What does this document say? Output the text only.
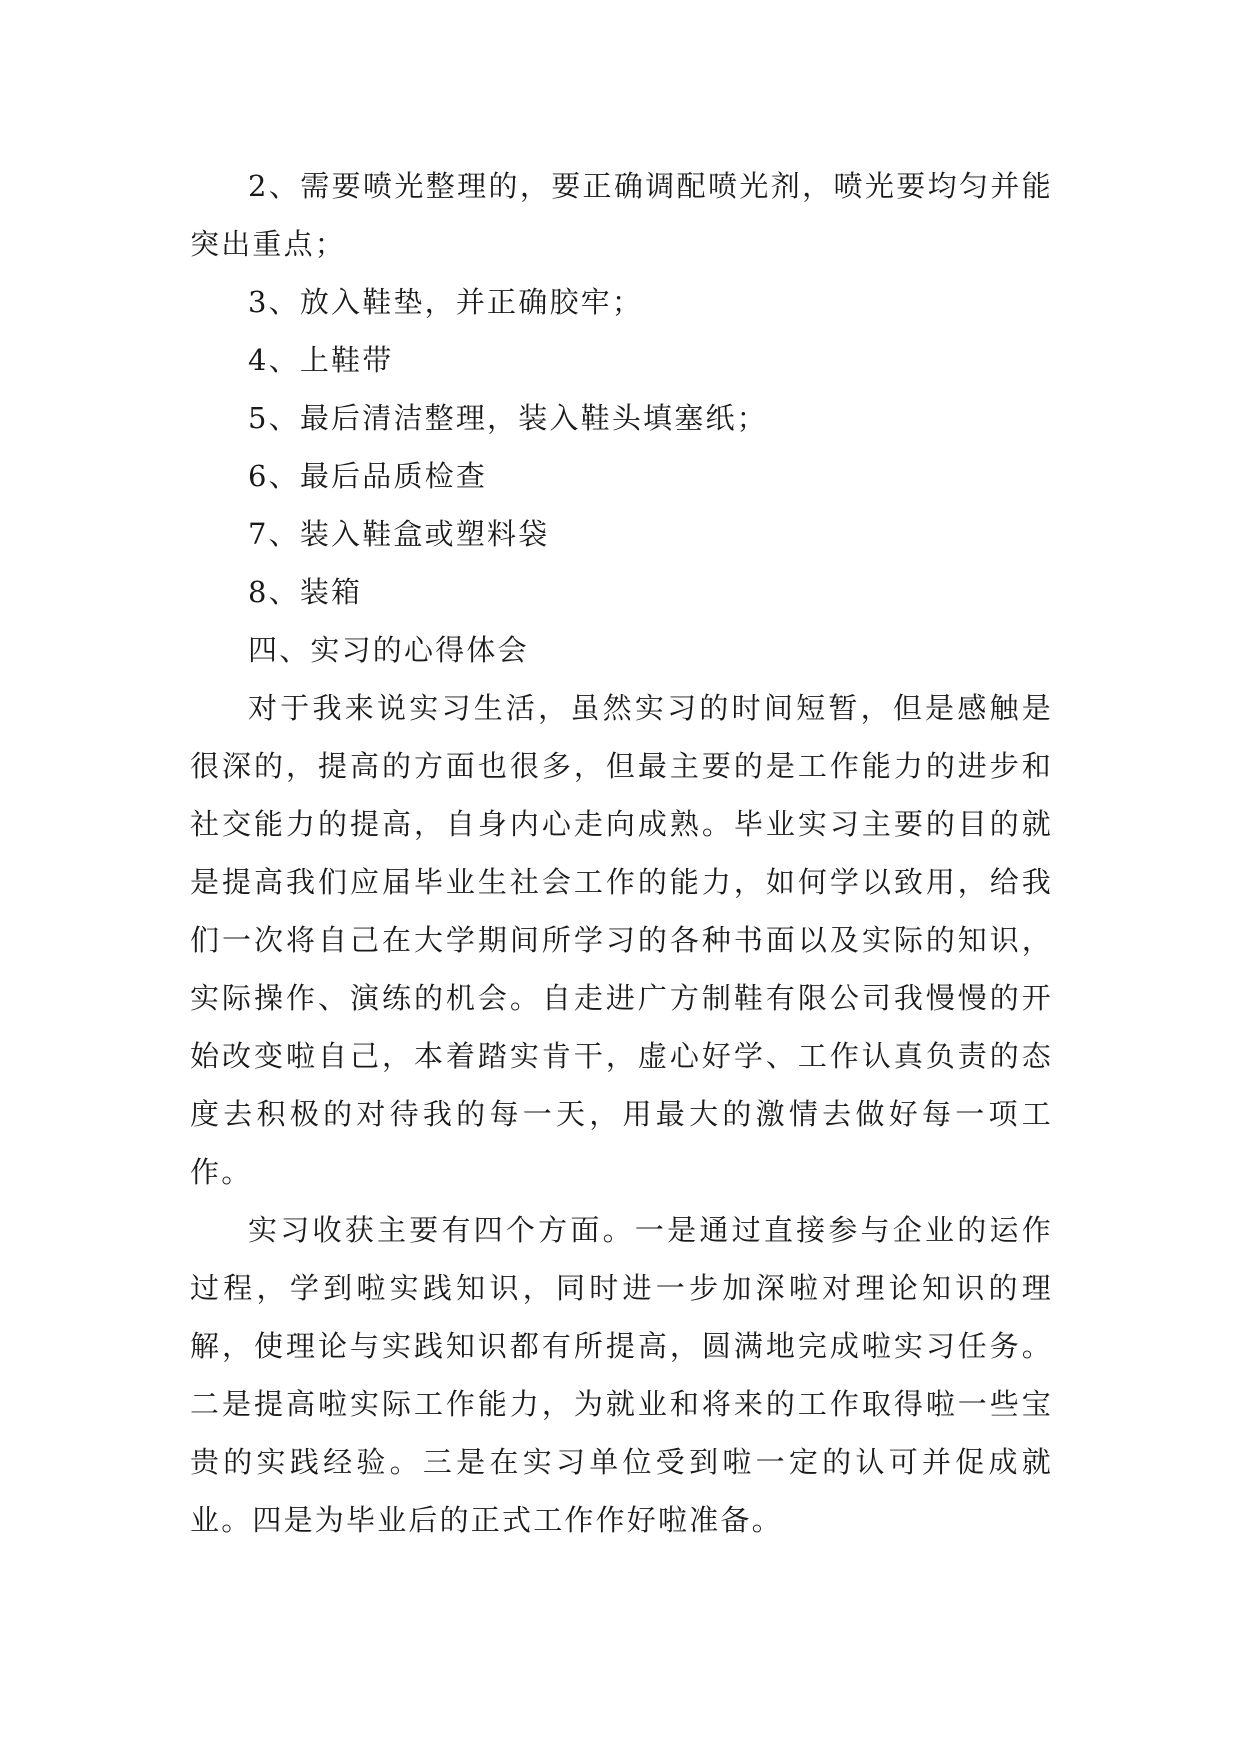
2、需要喷光整理的，要正确调配喷光剂，喷光要均匀并能突出重点；

3、放入鞋垫，并正确胶牢；

4、上鞋带

5、最后清洁整理，装入鞋头填塞纸；

6、最后品质检查

7、装入鞋盒或塑料袋

8、装箱

四、实习的心得体会

对于我来说实习生活，虽然实习的时间短暂，但是感触是很深的，提高的方面也很多，但最主要的是工作能力的进步和社交能力的提高，自身内心走向成熟。毕业实习主要的目的就是提高我们应届毕业生社会工作的能力，如何学以致用，给我们一次将自己在大学期间所学习的各种书面以及实际的知识，实际操作、演练的机会。自走进广方制鞋有限公司我慢慢的开始改变啦自己，本着踏实肯干，虚心好学、工作认真负责的态度去积极的对待我的每一天，用最大的激情去做好每一项工作。

实习收获主要有四个方面。一是通过直接参与企业的运作过程，学到啦实践知识，同时进一步加深啦对理论知识的理解，使理论与实践知识都有所提高，圆满地完成啦实习任务。二是提高啦实际工作能力，为就业和将来的工作取得啦一些宝贵的实践经验。三是在实习单位受到啦一定的认可并促成就业。四是为毕业后的正式工作作好啦准备。
